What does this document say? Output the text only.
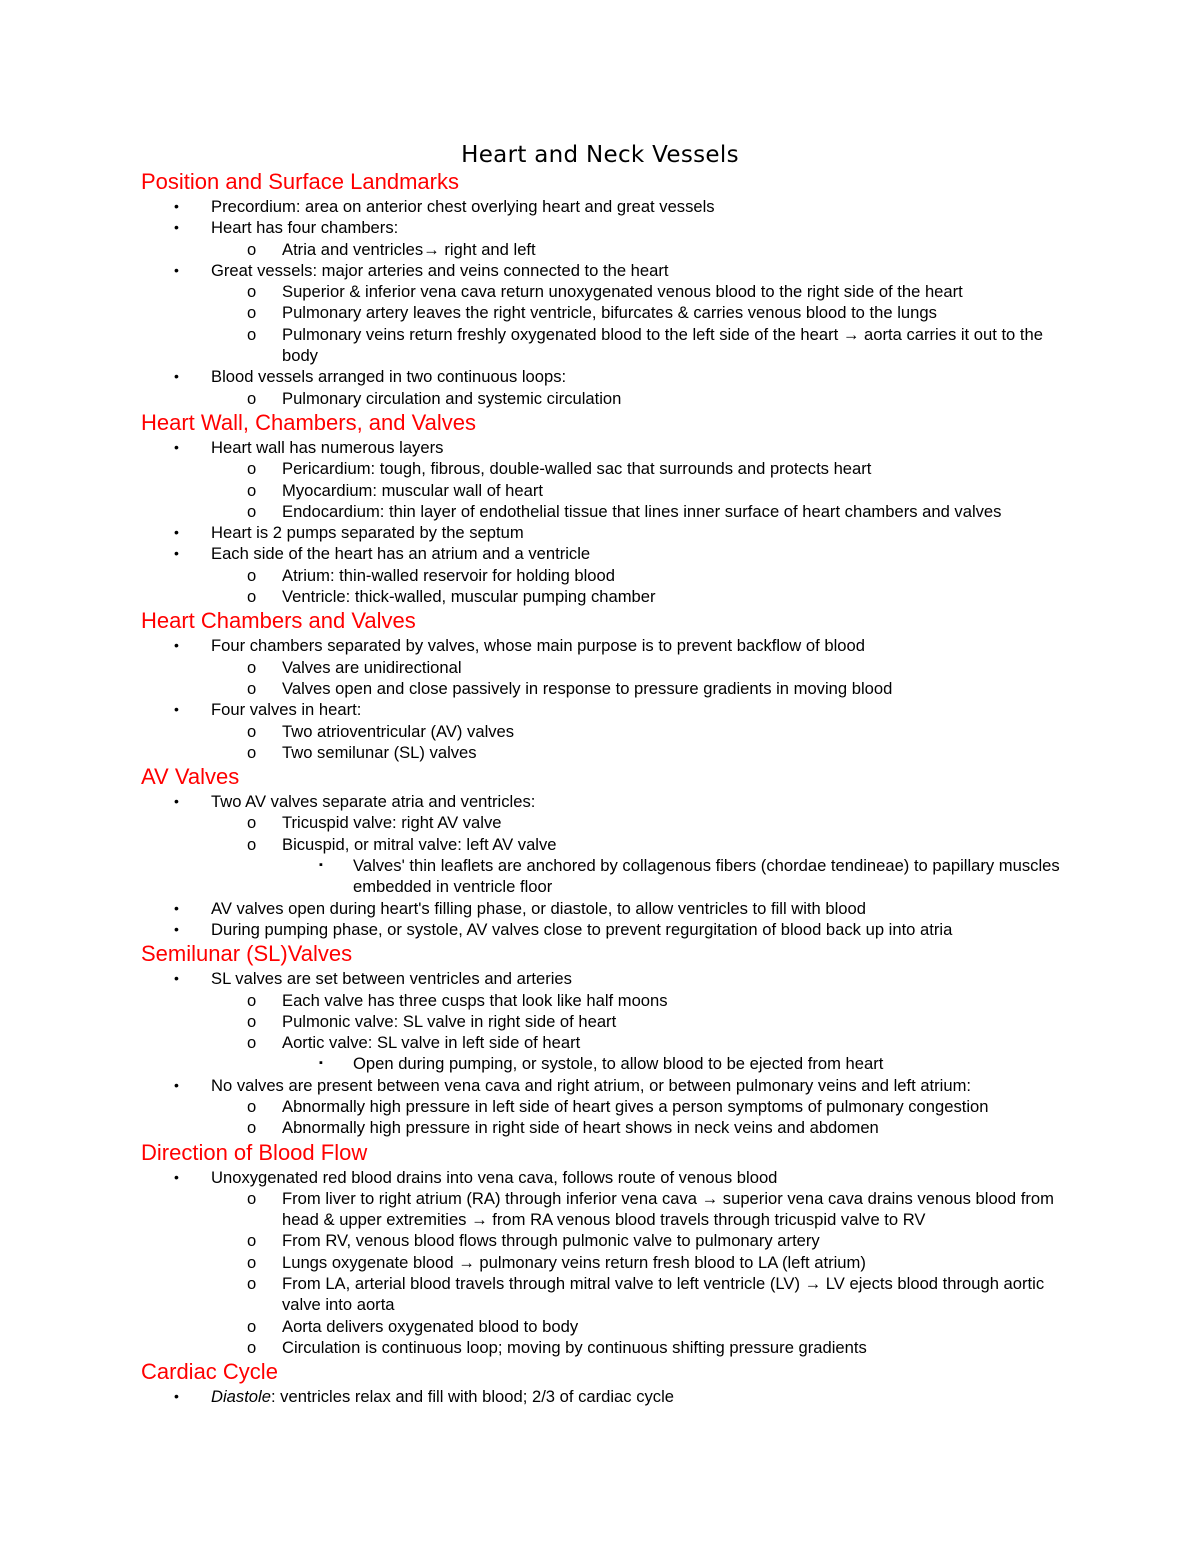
Heart and Neck Vessels
Position and Surface Landmarks
• Precordium: area on anterior chest overlying heart and great vessels
• Heart has four chambers:
o Atria and ventricles→ right and left
• Great vessels: major arteries and veins connected to the heart
o Superior & inferior vena cava return unoxygenated venous blood to the right side of the heart
o Pulmonary artery leaves the right ventricle, bifurcates & carries venous blood to the lungs
o Pulmonary veins return freshly oxygenated blood to the left side of the heart → aorta carries it out to the body
• Blood vessels arranged in two continuous loops:
o Pulmonary circulation and systemic circulation
Heart Wall, Chambers, and Valves
• Heart wall has numerous layers
o Pericardium: tough, fibrous, double-walled sac that surrounds and protects heart
o Myocardium: muscular wall of heart
o Endocardium: thin layer of endothelial tissue that lines inner surface of heart chambers and valves
• Heart is 2 pumps separated by the septum
• Each side of the heart has an atrium and a ventricle
o Atrium: thin-walled reservoir for holding blood
o Ventricle: thick-walled, muscular pumping chamber
Heart Chambers and Valves
• Four chambers separated by valves, whose main purpose is to prevent backflow of blood
o Valves are unidirectional
o Valves open and close passively in response to pressure gradients in moving blood
• Four valves in heart:
o Two atrioventricular (AV) valves
o Two semilunar (SL) valves
AV Valves
• Two AV valves separate atria and ventricles:
o Tricuspid valve: right AV valve
o Bicuspid, or mitral valve: left AV valve
▪ Valves' thin leaflets are anchored by collagenous fibers (chordae tendineae) to papillary muscles embedded in ventricle floor
• AV valves open during heart's filling phase, or diastole, to allow ventricles to fill with blood
• During pumping phase, or systole, AV valves close to prevent regurgitation of blood back up into atria
Semilunar (SL)Valves
• SL valves are set between ventricles and arteries
o Each valve has three cusps that look like half moons
o Pulmonic valve: SL valve in right side of heart
o Aortic valve: SL valve in left side of heart
▪ Open during pumping, or systole, to allow blood to be ejected from heart
• No valves are present between vena cava and right atrium, or between pulmonary veins and left atrium:
o Abnormally high pressure in left side of heart gives a person symptoms of pulmonary congestion
o Abnormally high pressure in right side of heart shows in neck veins and abdomen
Direction of Blood Flow
• Unoxygenated red blood drains into vena cava, follows route of venous blood
o From liver to right atrium (RA) through inferior vena cava → superior vena cava drains venous blood from head & upper extremities → from RA venous blood travels through tricuspid valve to RV
o From RV, venous blood flows through pulmonic valve to pulmonary artery
o Lungs oxygenate blood → pulmonary veins return fresh blood to LA (left atrium)
o From LA, arterial blood travels through mitral valve to left ventricle (LV) → LV ejects blood through aortic valve into aorta
o Aorta delivers oxygenated blood to body
o Circulation is continuous loop; moving by continuous shifting pressure gradients
Cardiac Cycle
• Diastole: ventricles relax and fill with blood; 2/3 of cardiac cycle
